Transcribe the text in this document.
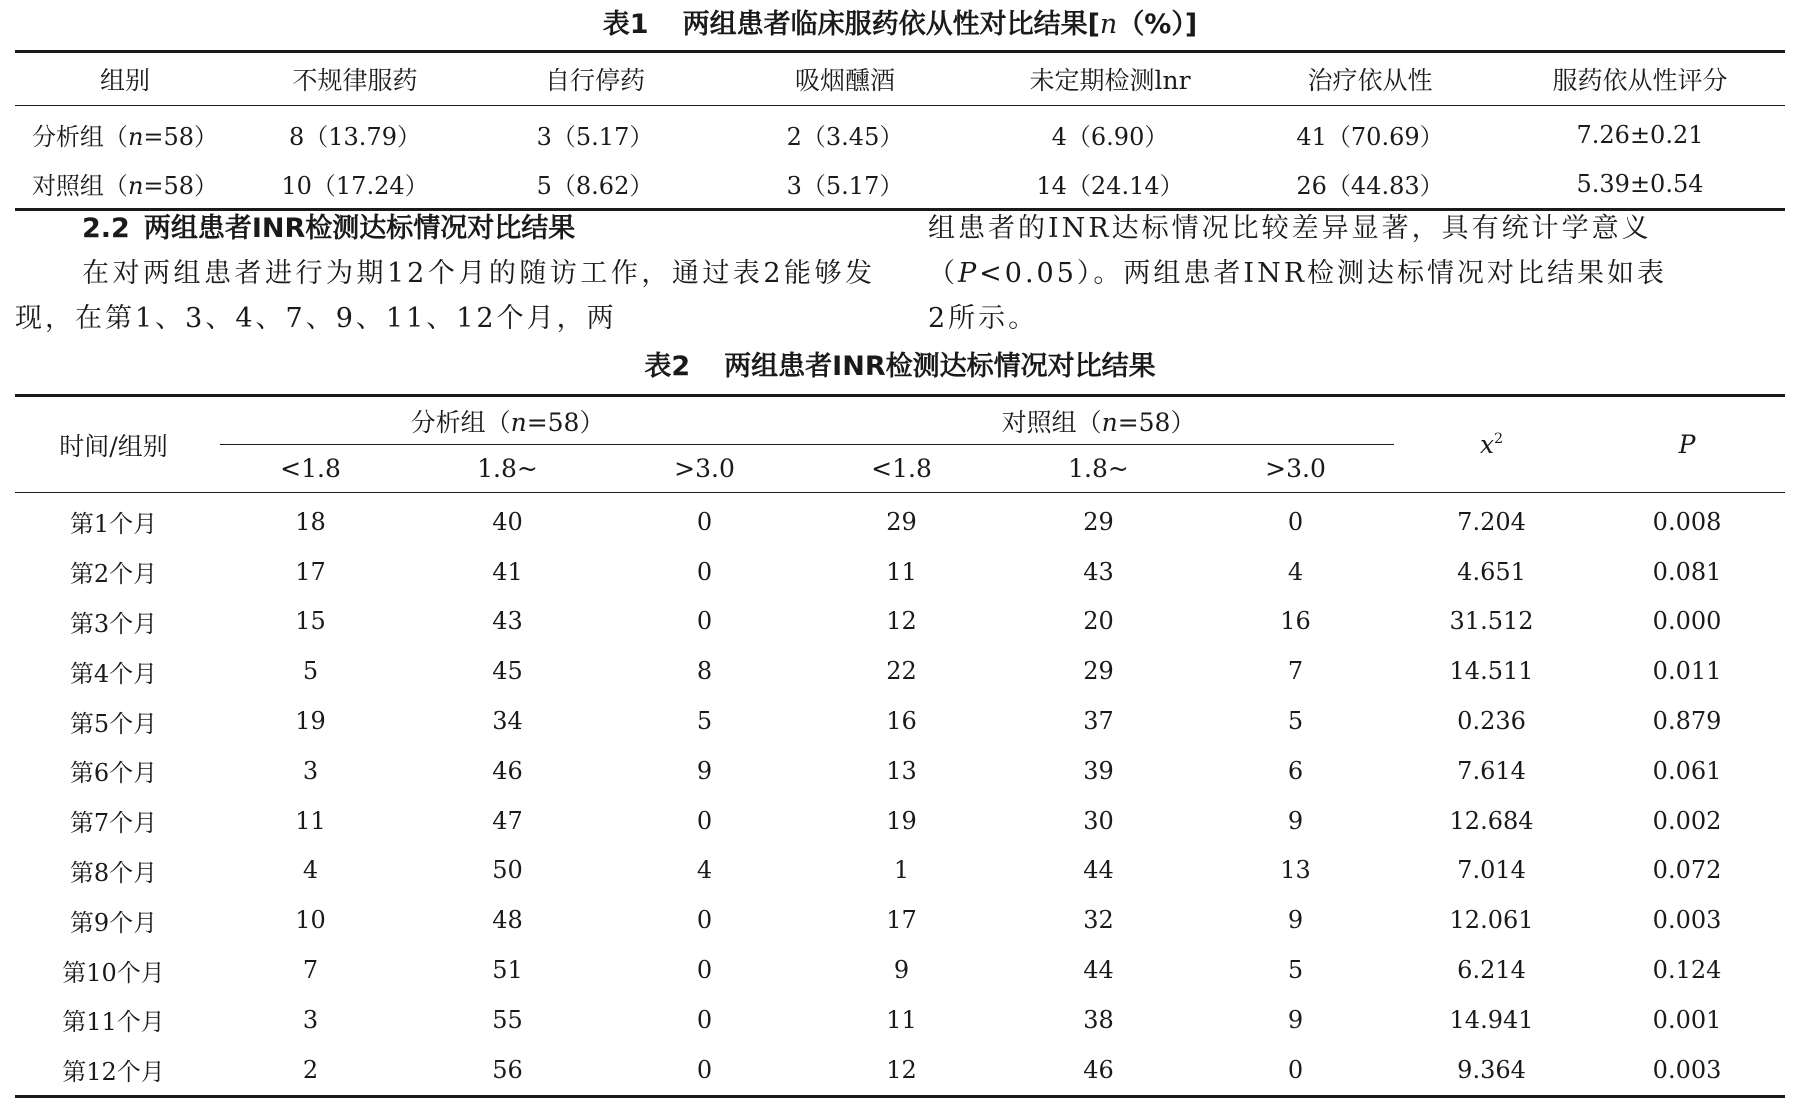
表1 两组患者临床服药依从性对比结果[n（%）]
组别	不规律服药	自行停药	吸烟醺酒	未定期检测lnr	治疗依从性	服药依从性评分
分析组（n=58）	8（13.79）	3（5.17）	2（3.45）	4（6.90）	41（70.69）	7.26±0.21
对照组（n=58）	10（17.24）	5（8.62）	3（5.17）	14（24.14）	26（44.83）	5.39±0.54
2.2 两组患者INR检测达标情况对比结果
在对两组患者进行为期12个月的随访工作，通过表2能够发现，在第1、3、4、7、9、11、12个月，两
组患者的INR达标情况比较差异显著，具有统计学意义
（P<0.05）。两组患者INR检测达标情况对比结果如表
2所示。
表2 两组患者INR检测达标情况对比结果
时间/组别	分析组（n=58）			对照组（n=58）			$x^2$	P
	<1.8	1.8~	>3.0	<1.8	1.8~	>3.0		
第1个月	18	40	0	29	29	0	7.204	0.008
第2个月	17	41	0	11	43	4	4.651	0.081
第3个月	15	43	0	12	20	16	31.512	0.000
第4个月	5	45	8	22	29	7	14.511	0.011
第5个月	19	34	5	16	37	5	0.236	0.879
第6个月	3	46	9	13	39	6	7.614	0.061
第7个月	11	47	0	19	30	9	12.684	0.002
第8个月	4	50	4	1	44	13	7.014	0.072
第9个月	10	48	0	17	32	9	12.061	0.003
第10个月	7	51	0	9	44	5	6.214	0.124
第11个月	3	55	0	11	38	9	14.941	0.001
第12个月	2	56	0	12	46	0	9.364	0.003
